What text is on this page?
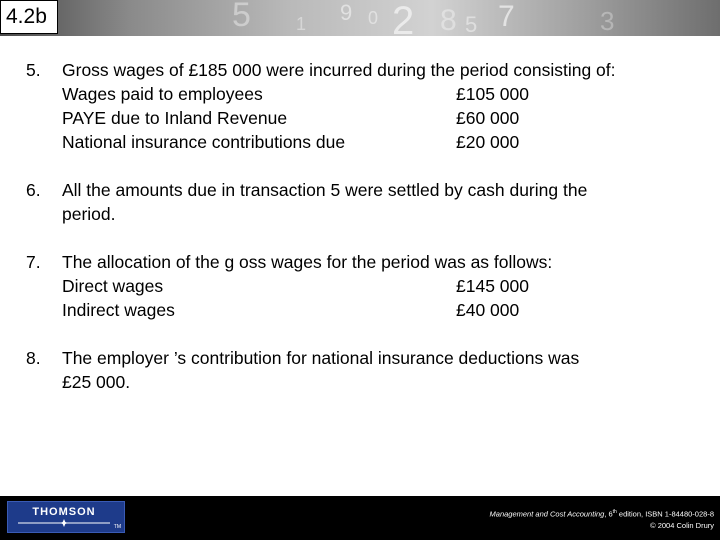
5	9 0
1 2 8 5 7	3
4.2b
5. Gross wages of £185 000 were incurred during the period consisting of:
Wages paid to employees	£105 000
PAYE due to Inland Revenue	£60 000
National insurance contributions due	£20 000
6. All the amounts due in transaction 5 were settled by cash during the
period.
7. The allocation of the g oss wages for the period was as follows:
Direct wages	£145 000
Indirect wages	£40 000
8. The employer ’s contribution for national insurance deductions was
£25 000.
THOMSON
TM
Management and Cost Accounting, 6th edition, ISBN 1-84480-028-8
© 2004 Colin Drury
